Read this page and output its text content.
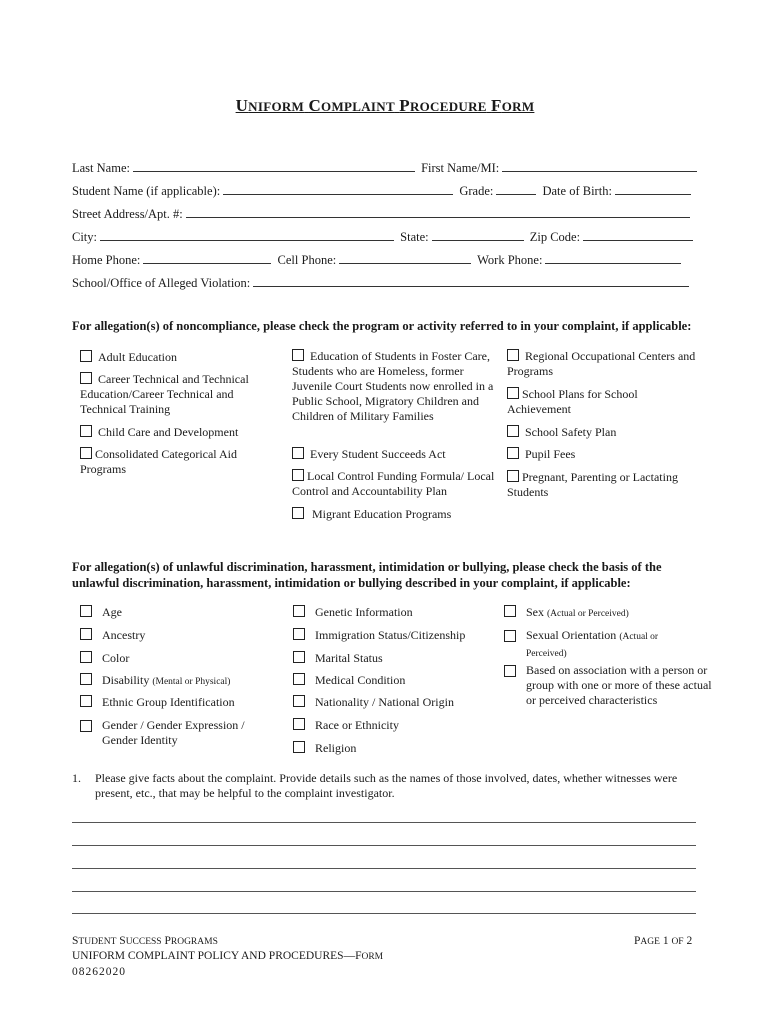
UNIFORM COMPLAINT PROCEDURE FORM
Last Name:	First Name/MI:
Student Name (if applicable):	Grade:	Date of Birth:
Street Address/Apt. #:
City:	State:	Zip Code:
Home Phone:	Cell Phone:	Work Phone:
School/Office of Alleged Violation:
For allegation(s) of noncompliance, please check the program or activity referred to in your complaint, if applicable:
Adult Education
Career Technical and Technical Education/Career Technical and Technical Training
Child Care and Development
Consolidated Categorical Aid Programs
Education of Students in Foster Care, Students who are Homeless, former Juvenile Court Students now enrolled in a Public School, Migratory Children and Children of Military Families
Every Student Succeeds Act
Local Control Funding Formula/ Local Control and Accountability Plan
Migrant Education Programs
Regional Occupational Centers and Programs
School Plans for School Achievement
School Safety Plan
Pupil Fees
Pregnant, Parenting or Lactating Students
For allegation(s) of unlawful discrimination, harassment, intimidation or bullying, please check the basis of the
unlawful discrimination, harassment, intimidation or bullying described in your complaint, if applicable:
Age
Ancestry
Color
Disability (Mental or Physical)
Ethnic Group Identification
Gender / Gender Expression / Gender Identity
Genetic Information
Immigration Status/Citizenship
Marital Status
Medical Condition
Nationality / National Origin
Race or Ethnicity
Religion
Sex (Actual or Perceived)
Sexual Orientation (Actual or Perceived)
Based on association with a person or group with one or more of these actual or perceived characteristics
1. Please give facts about the complaint. Provide details such as the names of those involved, dates, whether witnesses were present, etc., that may be helpful to the complaint investigator.
STUDENT SUCCESS PROGRAMS
UNIFORM COMPLAINT POLICY AND PROCEDURES—FORM
08262020
PAGE 1 OF 2
